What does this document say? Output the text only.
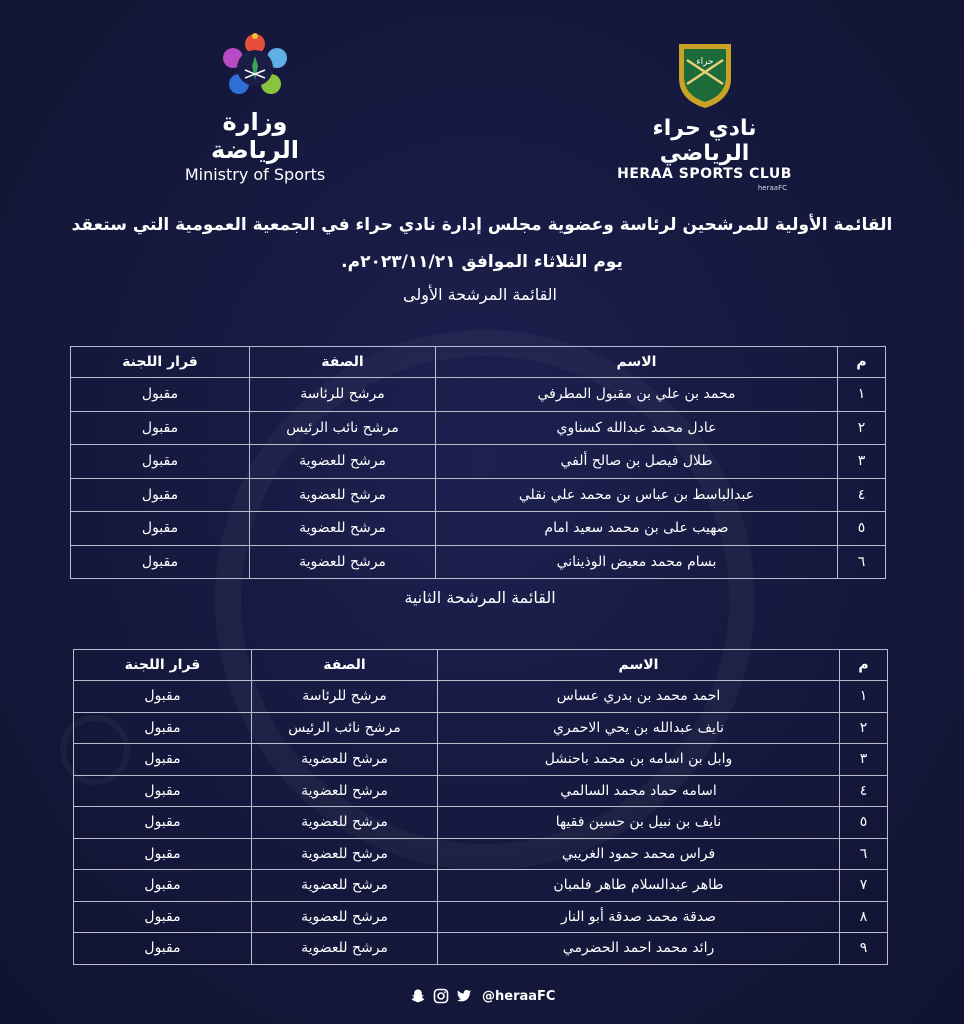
وزارة الرياضة
Ministry of Sports
حراء
نادي حراء الرياضي
HERAA SPORTS CLUB
heraaFC
القائمة الأولية للمرشحين لرئاسة وعضوية مجلس إدارة نادي حراء في الجمعية العمومية التي ستعقد
يوم الثلاثاء الموافق ٢٠٢٣/١١/٢١م.
القائمة المرشحة الأولى
م	الاسم	الصفة	قرار اللجنة
١	محمد بن علي بن مقبول المطرفي	مرشح للرئاسة	مقبول
٢	عادل محمد عبدالله كسناوي	مرشح نائب الرئيس	مقبول
٣	طلال فيصل بن صالح ألفي	مرشح للعضوية	مقبول
٤	عبدالباسط بن عباس بن محمد علي نقلي	مرشح للعضوية	مقبول
٥	صهيب على بن محمد سعيد امام	مرشح للعضوية	مقبول
٦	بسام محمد معيض الوذيناني	مرشح للعضوية	مقبول
القائمة المرشحة الثانية
م	الاسم	الصفة	قرار اللجنة
١	احمد محمد بن بدري عساس	مرشح للرئاسة	مقبول
٢	نايف عبدالله بن يحي الاحمري	مرشح نائب الرئيس	مقبول
٣	وابل بن اسامه بن محمد باحنشل	مرشح للعضوية	مقبول
٤	اسامه حماد محمد السالمي	مرشح للعضوية	مقبول
٥	نايف بن نبيل بن حسين فقيها	مرشح للعضوية	مقبول
٦	فراس محمد حمود الغريبي	مرشح للعضوية	مقبول
٧	طاهر عبدالسلام طاهر فلمبان	مرشح للعضوية	مقبول
٨	صدقة محمد صدقة أبو النار	مرشح للعضوية	مقبول
٩	رائد محمد احمد الحضرمي	مرشح للعضوية	مقبول
@heraaFC
